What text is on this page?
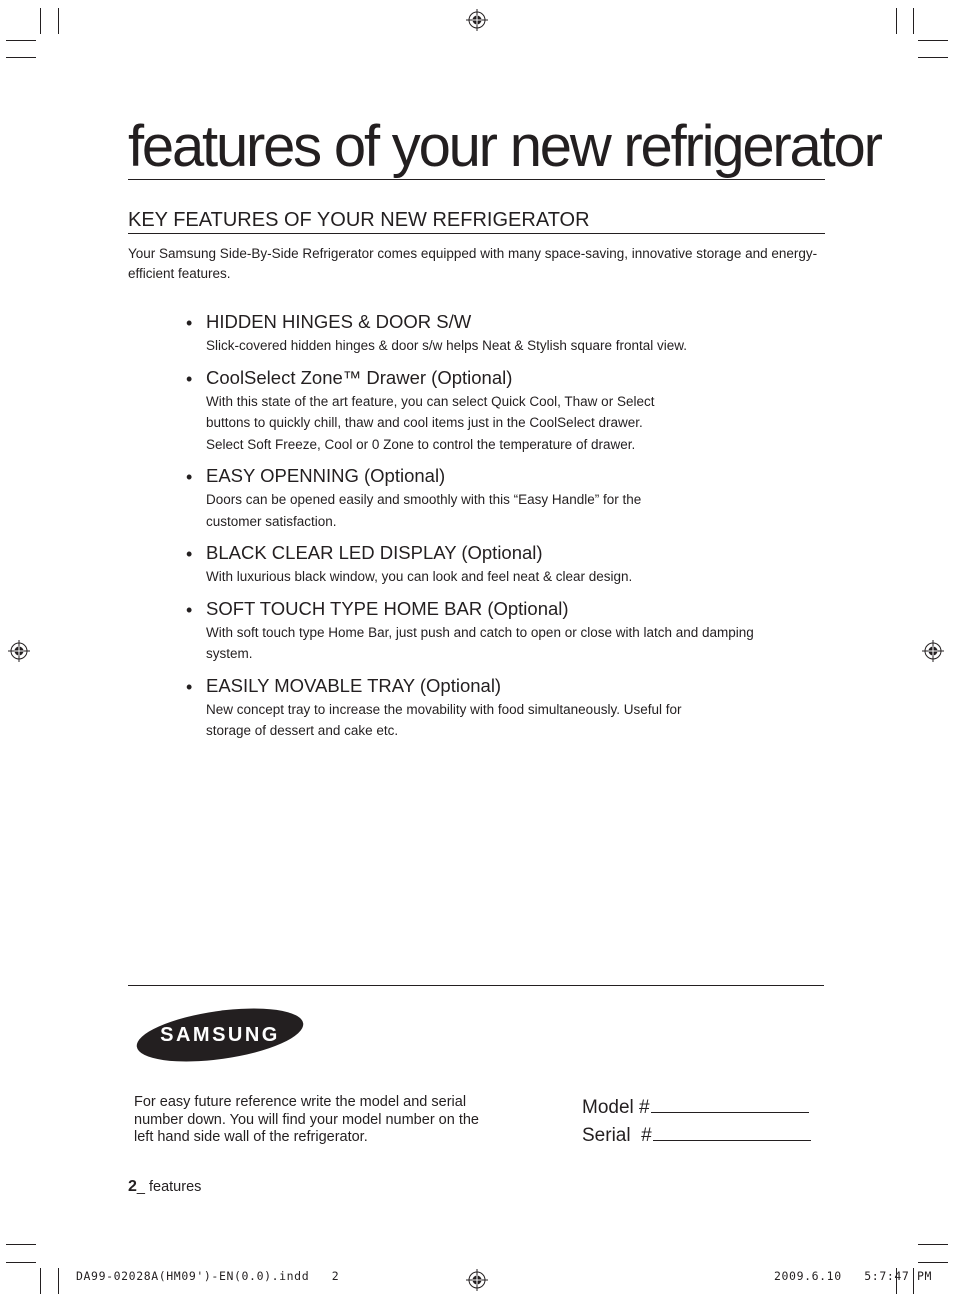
features of your new refrigerator
KEY FEATURES OF YOUR NEW REFRIGERATOR
Your Samsung Side-By-Side Refrigerator comes equipped with many space-saving, innovative storage and energy-efficient features.
• HIDDEN HINGES & DOOR S/W
Slick-covered hidden hinges & door s/w helps Neat & Stylish square frontal view.
• CoolSelect Zone™ Drawer (Optional)
With this state of the art feature, you can select Quick Cool, Thaw or Select
buttons to quickly chill, thaw and cool items just in the CoolSelect drawer.
Select Soft Freeze, Cool or 0 Zone to control the temperature of drawer.
• EASY OPENNING (Optional)
Doors can be opened easily and smoothly with this “Easy Handle” for the
customer satisfaction.
• BLACK CLEAR LED DISPLAY (Optional)
With luxurious black window, you can look and feel neat & clear design.
• SOFT TOUCH TYPE HOME BAR (Optional)
With soft touch type Home Bar, just push and catch to open or close with latch and damping
system.
• EASILY MOVABLE TRAY (Optional)
New concept tray to increase the movability with food simultaneously. Useful for
storage of dessert and cake etc.
SAMSUNG
For easy future reference write the model and serial
number down. You will find your model number on the
left hand side wall of the refrigerator.
Model #
Serial  #
2_ features
DA99-02028A(HM09')-EN(0.0).indd   2	2009.6.10   5:7:47 PM
